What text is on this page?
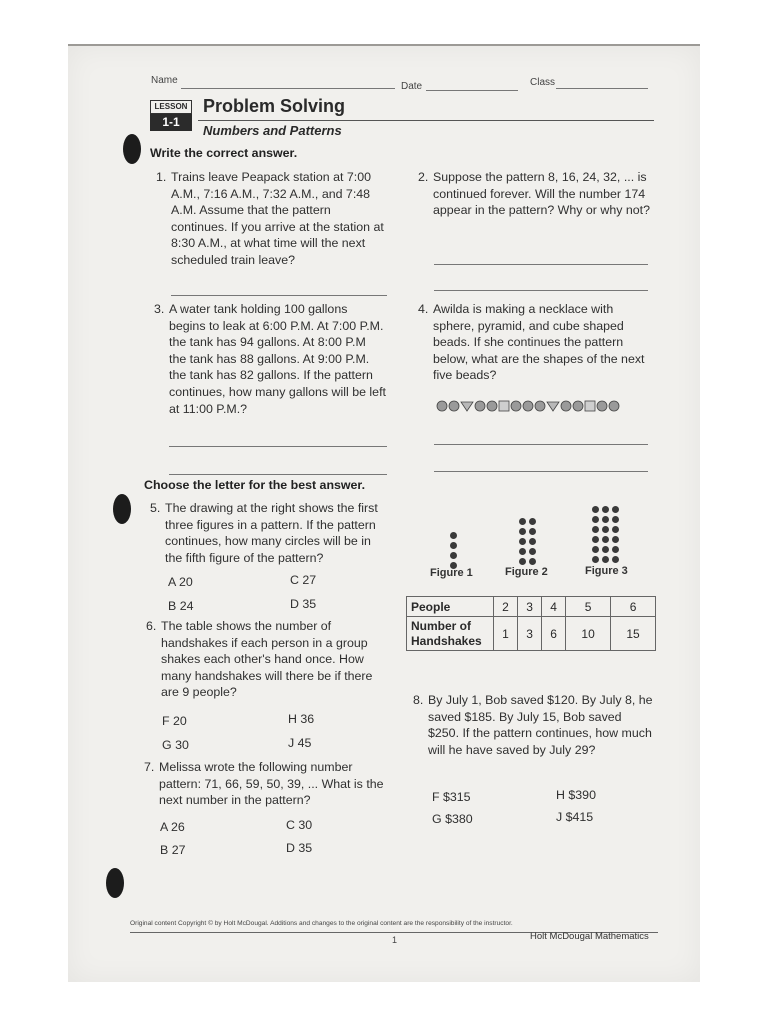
Name
Date	Class
LESSON
1-1
Problem Solving
Numbers and Patterns
Write the correct answer.
1. Trains leave Peapack station at 7:00 A.M., 7:16 A.M., 7:32 A.M., and 7:48 A.M. Assume that the pattern continues. If you arrive at the station at 8:30 A.M., at what time will the next scheduled train leave?
2. Suppose the pattern 8, 16, 24, 32, ... is continued forever. Will the number 174 appear in the pattern? Why or why not?
3. A water tank holding 100 gallons begins to leak at 6:00 P.M. At 7:00 P.M. the tank has 94 gallons. At 8:00 P.M the tank has 88 gallons. At 9:00 P.M. the tank has 82 gallons. If the pattern continues, how many gallons will be left at 11:00 P.M.?
4. Awilda is making a necklace with sphere, pyramid, and cube shaped beads. If she continues the pattern below, what are the shapes of the next five beads?
Choose the letter for the best answer.
5. The drawing at the right shows the first three figures in a pattern. If the pattern continues, how many circles will be in the fifth figure of the pattern?
A 20	C 27
B 24	D 35
Figure 1	Figure 2	Figure 3
People	2	3	4	5	6
Number of Handshakes	1	3	6	10	15
6. The table shows the number of handshakes if each person in a group shakes each other's hand once. How many handshakes will there be if there are 9 people?
F 20	H 36
G 30	J 45
7. Melissa wrote the following number pattern: 71, 66, 59, 50, 39, ... What is the next number in the pattern?
A 26	C 30
B 27	D 35
8. By July 1, Bob saved $120. By July 8, he saved $185. By July 15, Bob saved $250. If the pattern continues, how much will he have saved by July 29?
F $315	H $390
G $380	J $415
Original content Copyright © by Holt McDougal. Additions and changes to the original content are the responsibility of the instructor.
1	Holt McDougal Mathematics
